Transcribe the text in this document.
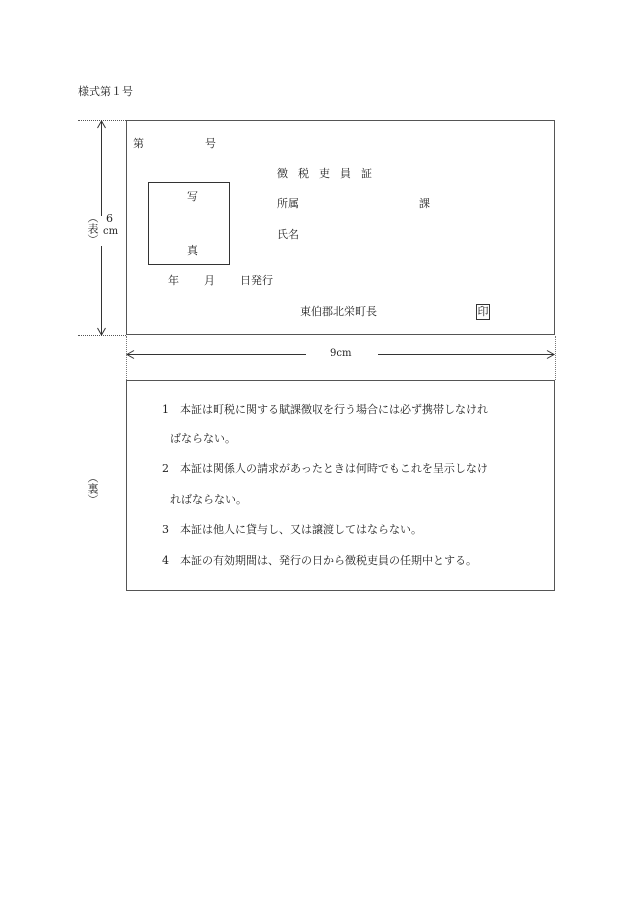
様式第１号
6
cm
（表）
9cm
第	号
徴税吏員証
写
真
所属	課
氏名
年 月 日発行
東伯郡北栄町長	印
（裏）
1 本証は町税に関する賦課徴収を行う場合には必ず携帯しなけれ
ばならない。
2 本証は関係人の請求があったときは何時でもこれを呈示しなけ
ればならない。
3 本証は他人に貸与し、又は譲渡してはならない。
4 本証の有効期間は、発行の日から徴税吏員の任期中とする。
